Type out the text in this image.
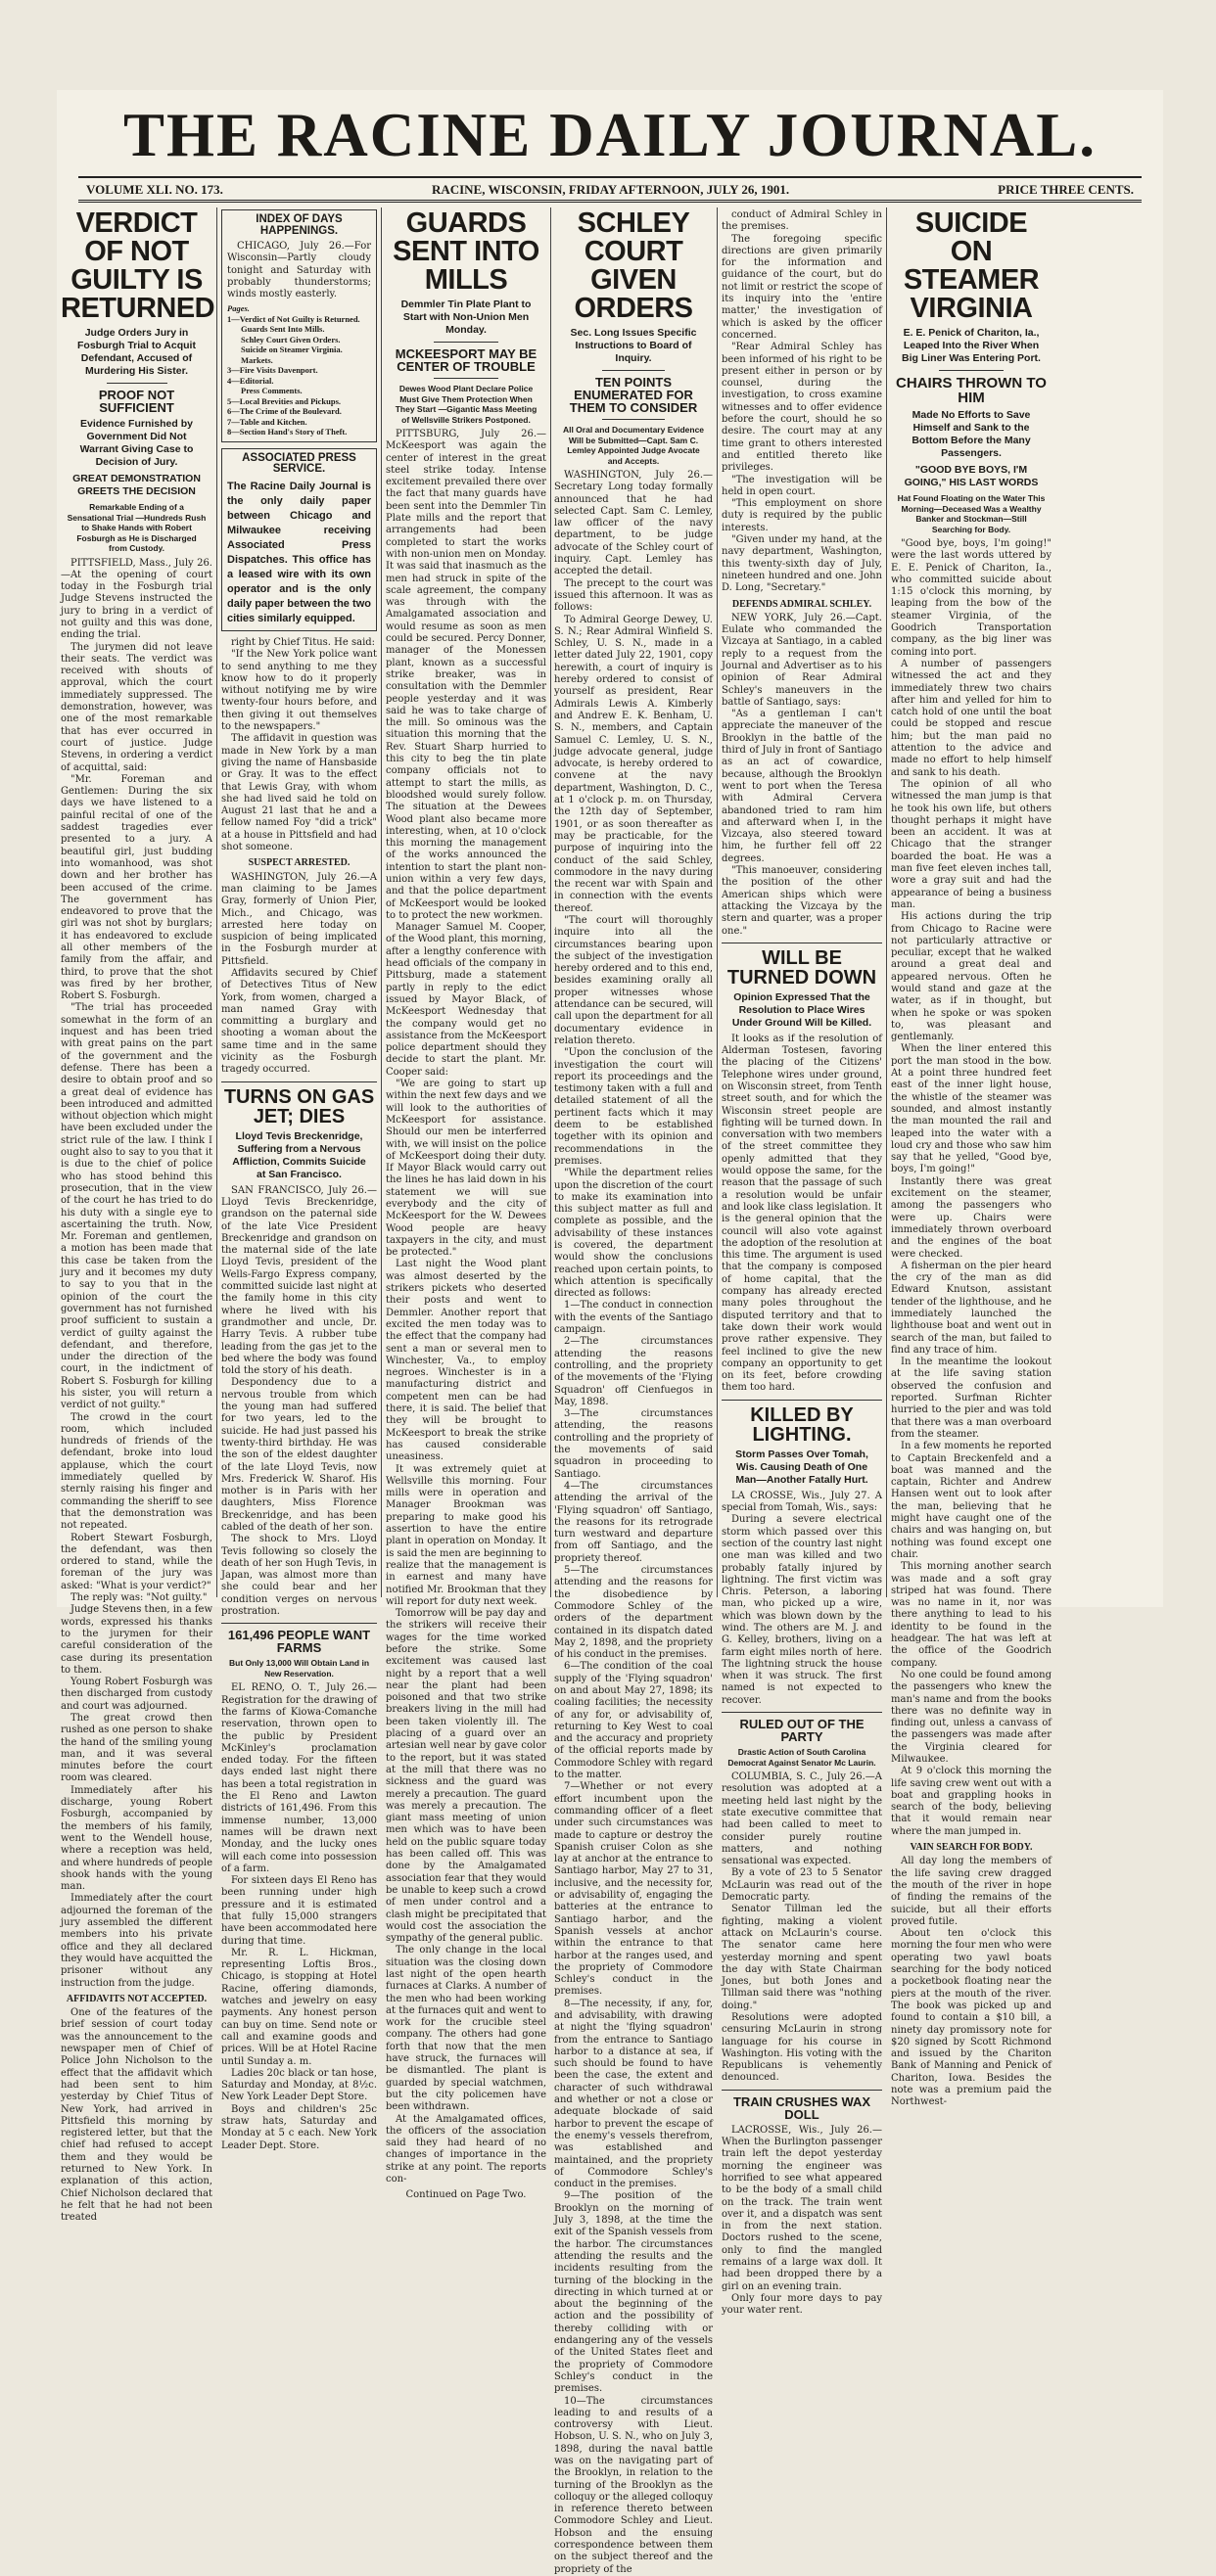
THE RACINE DAILY JOURNAL.
VOLUME XLI. NO. 173.	RACINE, WISCONSIN, FRIDAY AFTERNOON, JULY 26, 1901.	PRICE THREE CENTS.
VERDICT OF NOT GUILTY IS RETURNED
Judge Orders Jury in Fosburgh Trial to Acquit Defendant, Accused of Murdering His Sister.
PROOF NOT SUFFICIENT
Evidence Furnished by Government Did Not Warrant Giving Case to Decision of Jury.
GREAT DEMONSTRATION GREETS THE DECISION
Remarkable Ending of a Sensational Trial —Hundreds Rush to Shake Hands with Robert Fosburgh as He is Discharged from Custody.

PITTSFIELD, Mass., July 26.—At the opening of court today in the Fosburgh trial Judge Stevens instructed the jury to bring in a verdict of not guilty and this was done, ending the trial.

The jurymen did not leave their seats. The verdict was received with shouts of approval, which the court immediately suppressed. The demonstration, however, was one of the most remarkable that has ever occurred in court of justice. Judge Stevens, in ordering a verdict of acquittal, said:

"Mr. Foreman and Gentlemen: During the six days we have listened to a painful recital of one of the saddest tragedies ever presented to a jury. A beautiful girl, just budding into womanhood, was shot down and her brother has been accused of the crime. The government has endeavored to prove that the girl was not shot by burglars; it has endeavored to exclude all other members of the family from the affair, and third, to prove that the shot was fired by her brother, Robert S. Fosburgh.

"The trial has proceeded somewhat in the form of an inquest and has been tried with great pains on the part of the government and the defense. There has been a desire to obtain proof and so a great deal of evidence has been introduced and admitted without objection which might have been excluded under the strict rule of the law. I think I ought also to say to you that it is due to the chief of police who has stood behind this prosecution, that in the view of the court he has tried to do his duty with a single eye to ascertaining the truth. Now, Mr. Foreman and gentlemen, a motion has been made that this case be taken from the jury and it becomes my duty to say to you that in the opinion of the court the government has not furnished proof sufficient to sustain a verdict of guilty against the defendant, and therefore, under the direction of the court, in the indictment of Robert S. Fosburgh for killing his sister, you will return a verdict of not guilty."

The crowd in the court room, which included hundreds of friends of the defendant, broke into loud applause, which the court immediately quelled by sternly raising his finger and commanding the sheriff to see that the demonstration was not repeated.

Robert Stewart Fosburgh, the defendant, was then ordered to stand, while the foreman of the jury was asked: "What is your verdict?"

The reply was: "Not guilty."

Judge Stevens then, in a few words, expressed his thanks to the jurymen for their careful consideration of the case during its presentation to them.

Young Robert Fosburgh was then discharged from custody and court was adjourned.

The great crowd then rushed as one person to shake the hand of the smiling young man, and it was several minutes before the court room was cleared.

Immediately after his discharge, young Robert Fosburgh, accompanied by the members of his family, went to the Wendell house, where a reception was held, and where hundreds of people shook hands with the young man.

Immediately after the court adjourned the foreman of the jury assembled the different members into his private office and they all declared they would have acquitted the prisoner without any instruction from the judge.

AFFIDAVITS NOT ACCEPTED.

One of the features of the brief session of court today was the announcement to the newspaper men of Chief of Police John Nicholson to the effect that the affidavit which had been sent to him yesterday by Chief Titus of New York, had arrived in Pittsfield this morning by registered letter, but that the chief had refused to accept them and they would be returned to New York. In explanation of this action, Chief Nicholson declared that he felt that he had not been treated

INDEX OF DAYS HAPPENINGS.

CHICAGO, July 26.—For Wisconsin—Partly cloudy tonight and Saturday with probably thunderstorms; winds mostly easterly.

Pages.
1—Verdict of Not Guilty is Returned.
Guards Sent Into Mills.
Schley Court Given Orders.
Suicide on Steamer Virginia.
Markets.
3—Fire Visits Davenport.
4—Editorial.
Press Comments.
5—Local Brevities and Pickups.
6—The Crime of the Boulevard.
7—Table and Kitchen.
8—Section Hand's Story of Theft.
ASSOCIATED PRESS SERVICE.
The Racine Daily Journal is the only daily paper between Chicago and Milwaukee receiving Associated Press Dispatches. This office has a leased wire with its own operator and is the only daily paper between the two cities similarly equipped.

right by Chief Titus. He said:

"If the New York police want to send anything to me they know how to do it properly without notifying me by wire twenty-four hours before, and then giving it out themselves to the newspapers."

The affidavit in question was made in New York by a man giving the name of Hansbaside or Gray. It was to the effect that Lewis Gray, with whom she had lived said he told on August 21 last that he and a fellow named Foy "did a trick" at a house in Pittsfield and had shot someone.

SUSPECT ARRESTED.

WASHINGTON, July 26.—A man claiming to be James Gray, formerly of Union Pier, Mich., and Chicago, was arrested here today on suspicion of being implicated in the Fosburgh murder at Pittsfield.

Affidavits secured by Chief of Detectives Titus of New York, from women, charged a man named Gray with committing a burglary and shooting a woman about the same time and in the same vicinity as the Fosburgh tragedy occurred.

TURNS ON GAS JET; DIES
Lloyd Tevis Breckenridge, Suffering from a Nervous Affliction, Commits Suicide at San Francisco.

SAN FRANCISCO, July 26.—Lloyd Tevis Breckenridge, grandson on the paternal side of the late Vice President Breckenridge and grandson on the maternal side of the late Lloyd Tevis, president of the Wells-Fargo Express company, committed suicide last night at the family home in this city where he lived with his grandmother and uncle, Dr. Harry Tevis. A rubber tube leading from the gas jet to the bed where the body was found told the story of his death.

Despondency due to a nervous trouble from which the young man had suffered for two years, led to the suicide. He had just passed his twenty-third birthday. He was the son of the eldest daughter of the late Lloyd Tevis, now Mrs. Frederick W. Sharof. His mother is in Paris with her daughters, Miss Florence Breckenridge, and has been cabled of the death of her son.

The shock to Mrs. Lloyd Tevis following so closely the death of her son Hugh Tevis, in Japan, was almost more than she could bear and her condition verges on nervous prostration.

161,496 PEOPLE WANT FARMS
But Only 13,000 Will Obtain Land in New Reservation.

EL RENO, O. T., July 26.—Registration for the drawing of the farms of Kiowa-Comanche reservation, thrown open to the public by President McKinley's proclamation ended today. For the fifteen days ended last night there has been a total registration in the El Reno and Lawton districts of 161,496. From this immense number, 13,000 names will be drawn next Monday, and the lucky ones will each come into possession of a farm.

For sixteen days El Reno has been running under high pressure and it is estimated that fully 15,000 strangers have been accommodated here during that time.

Mr. R. L. Hickman, representing Loftis Bros., Chicago, is stopping at Hotel Racine, offering diamonds, watches and jewelry on easy payments. Any honest person can buy on time. Send note or call and examine goods and prices. Will be at Hotel Racine until Sunday a. m.

Ladies 20c black or tan hose, Saturday and Monday, at 8½c. New York Leader Dept Store.

Boys and children's 25c straw hats, Saturday and Monday at 5 c each. New York Leader Dept. Store.

GUARDS SENT INTO MILLS
Demmler Tin Plate Plant to Start with Non-Union Men Monday.
MCKEESPORT MAY BE CENTER OF TROUBLE
Dewes Wood Plant Declare Police Must Give Them Protection When They Start —Gigantic Mass Meeting of Wellsville Strikers Postponed.

PITTSBURG, July 26.—McKeesport was again the center of interest in the great steel strike today. Intense excitement prevailed there over the fact that many guards have been sent into the Demmler Tin Plate mills and the report that arrangements had been completed to start the works with non-union men on Monday. It was said that inasmuch as the men had struck in spite of the scale agreement, the company was through with the Amalgamated association and would resume as soon as men could be secured. Percy Donner, manager of the Monessen plant, known as a successful strike breaker, was in consultation with the Demmler people yesterday and it was said he was to take charge of the mill. So ominous was the situation this morning that the Rev. Stuart Sharp hurried to this city to beg the tin plate company officials not to attempt to start the mills, as bloodshed would surely follow. The situation at the Dewees Wood plant also became more interesting, when, at 10 o'clock this morning the management of the works announced the intention to start the plant non-union within a very few days, and that the police department of McKeesport would be looked to to protect the new workmen.

Manager Samuel M. Cooper, of the Wood plant, this morning, after a lengthy conference with head officials of the company in Pittsburg, made a statement partly in reply to the edict issued by Mayor Black, of McKeesport Wednesday that the company would get no assistance from the McKeesport police department should they decide to start the plant. Mr. Cooper said:

"We are going to start up within the next few days and we will look to the authorities of McKeesport for assistance. Should our men be interferred with, we will insist on the police of McKeesport doing their duty. If Mayor Black would carry out the lines he has laid down in his statement we will sue everybody and the city of McKeesport for the W. Dewees Wood people are heavy taxpayers in the city, and must be protected."

Last night the Wood plant was almost deserted by the strikers pickets who deserted their posts and went to Demmler. Another report that excited the men today was to the effect that the company had sent a man or several men to Winchester, Va., to employ negroes. Winchester is in a manufacturing district and competent men can be had there, it is said. The belief that they will be brought to McKeesport to break the strike has caused considerable uneasiness.

It was extremely quiet at Wellsville this morning. Four mills were in operation and Manager Brookman was preparing to make good his assertion to have the entire plant in operation on Monday. It is said the men are beginning to realize that the management is in earnest and many have notified Mr. Brookman that they will report for duty next week.

Tomorrow will be pay day and the strikers will receive their wages for the time worked before the strike. Some excitement was caused last night by a report that a well near the plant had been poisoned and that two strike breakers living in the mill had been taken violently ill. The placing of a guard over an artesian well near by gave color to the report, but it was stated at the mill that there was no sickness and the guard was merely a precaution. The guard was merely a precaution. The giant mass meeting of union men which was to have been held on the public square today has been called off. This was done by the Amalgamated association fear that they would be unable to keep such a crowd of men under control and a clash might be precipitated that would cost the association the sympathy of the general public.

The only change in the local situation was the closing down last night of the open hearth furnaces at Clarks. A number of the men who had been working at the furnaces quit and went to work for the crucible steel company. The others had gone forth that now that the men have struck, the furnaces will be dismantled. The plant is guarded by special watchmen, but the city policemen have been withdrawn.

At the Amalgamated offices, the officers of the association said they had heard of no changes of importance in the strike at any point. The reports con-

Continued on Page Two.
SCHLEY COURT GIVEN ORDERS
Sec. Long Issues Specific Instructions to Board of Inquiry.
TEN POINTS ENUMERATED FOR THEM TO CONSIDER
All Oral and Documentary Evidence Will be Submitted—Capt. Sam C. Lemley Appointed Judge Avocate and Accepts.

WASHINGTON, July 26.—Secretary Long today formally announced that he had selected Capt. Sam C. Lemley, law officer of the navy department, to be judge advocate of the Schley court of inquiry. Capt. Lemley has accepted the detail.

The precept to the court was issued this afternoon. It was as follows:

To Admiral George Dewey, U. S. N.; Rear Admiral Winfield S. Schley, U. S. N., made in a letter dated July 22, 1901, copy herewith, a court of inquiry is hereby ordered to consist of yourself as president, Rear Admirals Lewis A. Kimberly and Andrew E. K. Benham, U. S. N., members, and Captain Samuel C. Lemley, U. S. N., judge advocate general, judge advocate, is hereby ordered to convene at the navy department, Washington, D. C., at 1 o'clock p. m. on Thursday, the 12th day of September, 1901, or as soon thereafter as may be practicable, for the purpose of inquiring into the conduct of the said Schley, commodore in the navy during the recent war with Spain and in connection with the events thereof.

"The court will thoroughly inquire into all the circumstances bearing upon the subject of the investigation hereby ordered and to this end, besides examining orally all proper witnesses whose attendance can be secured, will call upon the department for all documentary evidence in relation thereto.

"Upon the conclusion of the investigation the court will report its proceedings and the testimony taken with a full and detailed statement of all the pertinent facts which it may deem to be established together with its opinion and recommendations in the premises.

"While the department relies upon the discretion of the court to make its examination into this subject matter as full and complete as possible, and the advisability of these instances is covered, the department would show the conclusions reached upon certain points, to which attention is specifically directed as follows:

1—The conduct in connection with the events of the Santiago campaign.

2—The circumstances attending the reasons controlling, and the propriety of the movements of the 'Flying Squadron' off Cienfuegos in May, 1898.

3—The circumstances attending, the reasons controlling and the propriety of the movements of said squadron in proceeding to Santiago.

4—The circumstances attending the arrival of the 'Flying squadron' off Santiago, the reasons for its retrograde turn westward and departure from off Santiago, and the propriety thereof.

5—The circumstances attending and the reasons for the disobedience by Commodore Schley of the orders of the department contained in its dispatch dated May 2, 1898, and the propriety of his conduct in the premises.

6—The condition of the coal supply of the 'Flying squadron' on and about May 27, 1898; its coaling facilities; the necessity of any for, or advisability of, returning to Key West to coal and the accuracy and propriety of the official reports made by Commodore Schley with regard to the matter.

7—Whether or not every effort incumbent upon the commanding officer of a fleet under such circumstances was made to capture or destroy the Spanish cruiser Colon as she lay at anchor at the entrance to Santiago harbor, May 27 to 31, inclusive, and the necessity for, or advisability of, engaging the batteries at the entrance to Santiago harbor, and the Spanish vessels at anchor within the entrance to that harbor at the ranges used, and the propriety of Commodore Schley's conduct in the premises.

8—The necessity, if any, for, and advisability, with drawing at night the 'flying squadron' from the entrance to Santiago harbor to a distance at sea, if such should be found to have been the case, the extent and character of such withdrawal and whether or not a close or adequate blockade of said harbor to prevent the escape of the enemy's vessels therefrom, was established and maintained, and the propriety of Commodore Schley's conduct in the premises.

9—The position of the Brooklyn on the morning of July 3, 1898, at the time the exit of the Spanish vessels from the harbor. The circumstances attending the results and the incidents resulting from the turning of the blocking in the directing in which turned at or about the beginning of the action and the possibility of thereby colliding with or endangering any of the vessels of the United States fleet and the propriety of Commodore Schley's conduct in the premises.

10—The circumstances leading to and results of a controversy with Lieut. Hobson, U. S. N., who on July 3, 1898, during the naval battle was on the navigating part of the Brooklyn, in relation to the turning of the Brooklyn as the colloquy or the alleged colloquy in reference thereto between Commodore Schley and Lieut. Hobson and the ensuing correspondence between them on the subject thereof and the propriety of the

conduct of Admiral Schley in the premises.

The foregoing specific directions are given primarily for the information and guidance of the court, but do not limit or restrict the scope of its inquiry into the 'entire matter,' the investigation of which is asked by the officer concerned.

"Rear Admiral Schley has been informed of his right to be present either in person or by counsel, during the investigation, to cross examine witnesses and to offer evidence before the court, should he so desire. The court may at any time grant to others interested and entitled thereto like privileges.

"The investigation will be held in open court.

"This employment on shore duty is required by the public interests.

"Given under my hand, at the navy department, Washington, this twenty-sixth day of July, nineteen hundred and one. John D. Long, "Secretary."

DEFENDS ADMIRAL SCHLEY.

NEW YORK, July 26.—Capt. Eulate who commanded the Vizcaya at Santiago, in a cabled reply to a request from the Journal and Advertiser as to his opinion of Rear Admiral Schley's maneuvers in the battle of Santiago, says:

"As a gentleman I can't appreciate the maneuver of the Brooklyn in the battle of the third of July in front of Santiago as an act of cowardice, because, although the Brooklyn went to port when the Teresa with Admiral Cervera abandoned tried to ram him and afterward when I, in the Vizcaya, also steered toward him, he further fell off 22 degrees.

"This manoeuver, considering the position of the other American ships which were attacking the Vizcaya by the stern and quarter, was a proper one."

WILL BE TURNED DOWN
Opinion Expressed That the Resolution to Place Wires Under Ground Will be Killed.

It looks as if the resolution of Alderman Tostesen, favoring the placing of the Citizens' Telephone wires under ground, on Wisconsin street, from Tenth street south, and for which the Wisconsin street people are fighting will be turned down. In conversation with two members of the street committee they openly admitted that they would oppose the same, for the reason that the passage of such a resolution would be unfair and look like class legislation. It is the general opinion that the council will also vote against the adoption of the resolution at this time. The argument is used that the company is composed of home capital, that the company has already erected many poles throughout the disputed territory and that to take down their work would prove rather expensive. They feel inclined to give the new company an opportunity to get on its feet, before crowding them too hard.

KILLED BY LIGHTING.
Storm Passes Over Tomah, Wis. Causing Death of One Man—Another Fatally Hurt.

LA CROSSE, Wis., July 27. A special from Tomah, Wis., says:

During a severe electrical storm which passed over this section of the country last night one man was killed and two probably fatally injured by lightning. The first victim was Chris. Peterson, a laboring man, who picked up a wire, which was blown down by the wind. The others are M. J. and G. Kelley, brothers, living on a farm eight miles north of here. The lightning struck the house when it was struck. The first named is not expected to recover.

RULED OUT OF THE PARTY
Drastic Action of South Carolina Democrat Against Senator Mc Laurin.

COLUMBIA, S. C., July 26.—A resolution was adopted at a meeting held last night by the state executive committee that had been called to meet to consider purely routine matters, and nothing sensational was expected.

By a vote of 23 to 5 Senator McLaurin was read out of the Democratic party.

Senator Tillman led the fighting, making a violent attack on McLaurin's course. The senator came here yesterday morning and spent the day with State Chairman Jones, but both Jones and Tillman said there was "nothing doing."

Resolutions were adopted censuring McLaurin in strong language for his course in Washington. His voting with the Republicans is vehemently denounced.

TRAIN CRUSHES WAX DOLL

LACROSSE, Wis., July 26.—When the Burlington passenger train left the depot yesterday morning the engineer was horrified to see what appeared to be the body of a small child on the track. The train went over it, and a dispatch was sent in from the next station. Doctors rushed to the scene, only to find the mangled remains of a large wax doll. It had been dropped there by a girl on an evening train.

Only four more days to pay your water rent.

SUICIDE ON STEAMER VIRGINIA
E. E. Penick of Chariton, Ia., Leaped Into the River When Big Liner Was Entering Port.
CHAIRS THROWN TO HIM
Made No Efforts to Save Himself and Sank to the Bottom Before the Many Passengers.
"GOOD BYE BOYS, I'M GOING," HIS LAST WORDS
Hat Found Floating on the Water This Morning—Deceased Was a Wealthy Banker and Stockman—Still Searching for Body.

"Good bye, boys, I'm going!" were the last words uttered by E. E. Penick of Chariton, Ia., who committed suicide about 1:15 o'clock this morning, by leaping from the bow of the steamer Virginia, of the Goodrich Transportation company, as the big liner was coming into port.

A number of passengers witnessed the act and they immediately threw two chairs after him and yelled for him to catch hold of one until the boat could be stopped and rescue him; but the man paid no attention to the advice and made no effort to help himself and sank to his death.

The opinion of all who witnessed the man jump is that he took his own life, but others thought perhaps it might have been an accident. It was at Chicago that the stranger boarded the boat. He was a man five feet eleven inches tall, wore a gray suit and had the appearance of being a business man.

His actions during the trip from Chicago to Racine were not particularly attractive or peculiar, except that he walked around a great deal and appeared nervous. Often he would stand and gaze at the water, as if in thought, but when he spoke or was spoken to, was pleasant and gentlemanly.

When the liner entered this port the man stood in the bow. At a point three hundred feet east of the inner light house, the whistle of the steamer was sounded, and almost instantly the man mounted the rail and leaped into the water with a loud cry and those who saw him say that he yelled, "Good bye, boys, I'm going!"

Instantly there was great excitement on the steamer, among the passengers who were up. Chairs were immediately thrown overboard and the engines of the boat were checked.

A fisherman on the pier heard the cry of the man as did Edward Knutson, assistant tender of the lighthouse, and he immediately launched the lighthouse boat and went out in search of the man, but failed to find any trace of him.

In the meantime the lookout at the life saving station observed the confusion and reported. Surfman Richter hurried to the pier and was told that there was a man overboard from the steamer.

In a few moments he reported to Captain Breckenfeld and a boat was manned and the captain, Richter and Andrew Hansen went out to look after the man, believing that he might have caught one of the chairs and was hanging on, but nothing was found except one chair.

This morning another search was made and a soft gray striped hat was found. There was no name in it, nor was there anything to lead to his identity to be found in the headgear. The hat was left at the office of the Goodrich company.

No one could be found among the passengers who knew the man's name and from the books there was no definite way in finding out, unless a canvass of the passengers was made after the Virginia cleared for Milwaukee.

At 9 o'clock this morning the life saving crew went out with a boat and grappling hooks in search of the body, believing that it would remain near where the man jumped in.

VAIN SEARCH FOR BODY.

All day long the members of the life saving crew dragged the mouth of the river in hope of finding the remains of the suicide, but all their efforts proved futile.

About ten o'clock this morning the four men who were operating two yawl boats searching for the body noticed a pocketbook floating near the piers at the mouth of the river. The book was picked up and found to contain a $10 bill, a ninety day promissory note for $20 signed by Scott Richmond and issued by the Chariton Bank of Manning and Penick of Chariton, Iowa. Besides the note was a premium paid the Northwest-
